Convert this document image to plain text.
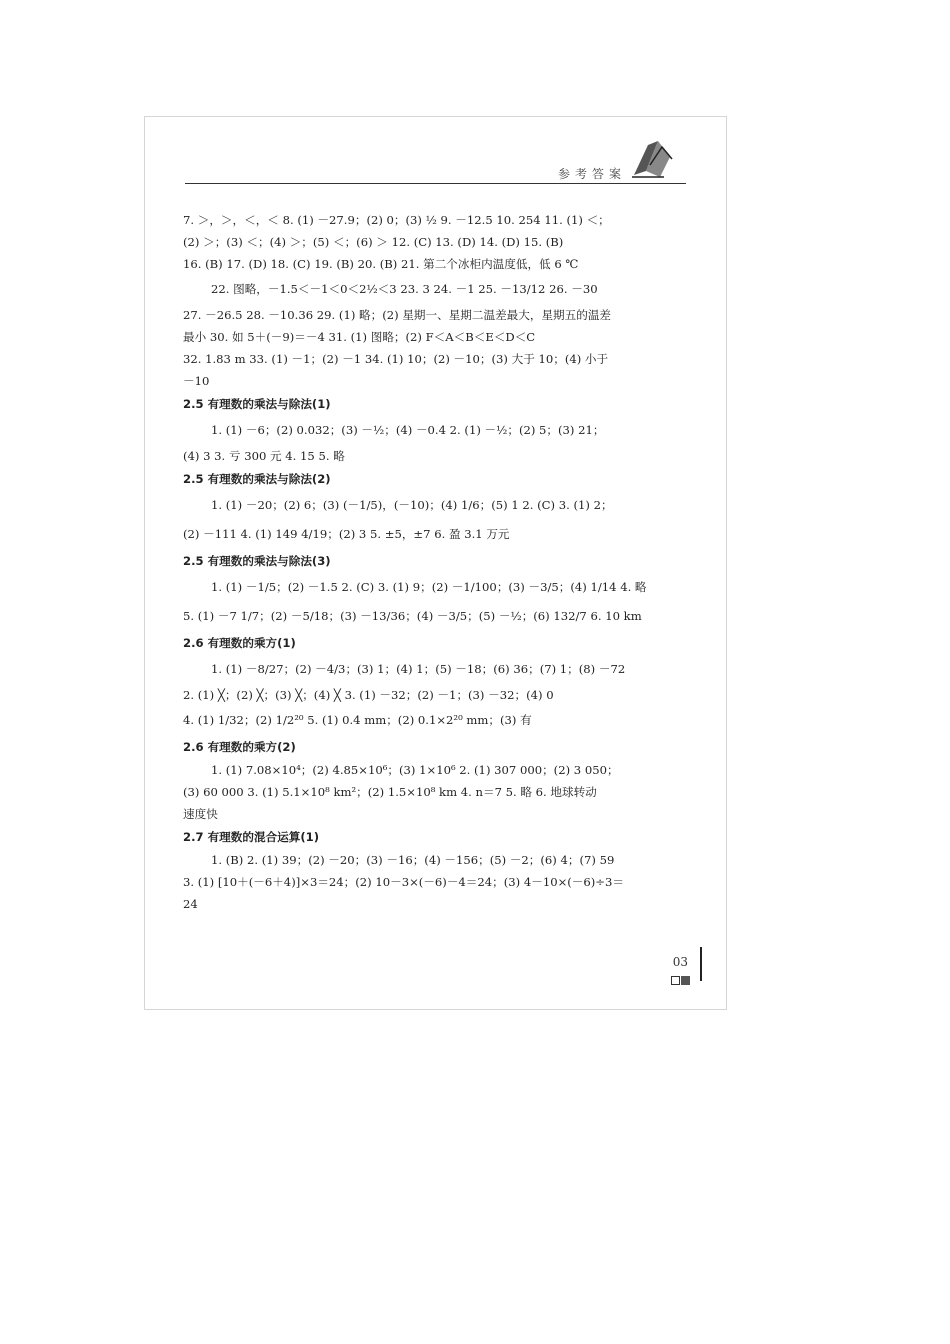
参考答案
7. ＞，＞，＜，＜ 8. (1) －27.9；(2) 0；(3) ½ 9. －12.5 10. 254 11. (1) ＜；
(2) ＞；(3) ＜；(4) ＞；(5) ＜；(6) ＞ 12. (C) 13. (D) 14. (D) 15. (B)
16. (B) 17. (D) 18. (C) 19. (B) 20. (B) 21. 第二个冰柜内温度低，低 6 ℃
22. 图略，－1.5＜－1＜0＜2½＜3 23. 3 24. －1 25. －13/12 26. －30
27. －26.5 28. －10.36 29. (1) 略；(2) 星期一、星期二温差最大，星期五的温差
最小 30. 如 5＋(－9)＝－4 31. (1) 图略；(2) F＜A＜B＜E＜D＜C
32. 1.83 m 33. (1) －1；(2) －1 34. (1) 10；(2) －10；(3) 大于 10；(4) 小于
－10
2.5 有理数的乘法与除法(1)
1. (1) －6；(2) 0.032；(3) －½；(4) －0.4 2. (1) －½；(2) 5；(3) 21；
(4) 3 3. 亏 300 元 4. 15 5. 略
2.5 有理数的乘法与除法(2)
1. (1) －20；(2) 6；(3) (－1/5)，(－10)；(4) 1/6；(5) 1 2. (C) 3. (1) 2；
(2) －111 4. (1) 149 4/19；(2) 3 5. ±5，±7 6. 盈 3.1 万元
2.5 有理数的乘法与除法(3)
1. (1) －1/5；(2) －1.5 2. (C) 3. (1) 9；(2) －1/100；(3) －3/5；(4) 1/14 4. 略
5. (1) －7 1/7；(2) －5/18；(3) －13/36；(4) －3/5；(5) －½；(6) 132/7 6. 10 km
2.6 有理数的乘方(1)
1. (1) －8/27；(2) －4/3；(3) 1；(4) 1；(5) －18；(6) 36；(7) 1；(8) －72
2. (1) ╳；(2) ╳；(3) ╳；(4) ╳ 3. (1) －32；(2) －1；(3) －32；(4) 0
4. (1) 1/32；(2) 1/2²⁰ 5. (1) 0.4 mm；(2) 0.1×2²⁰ mm；(3) 有
2.6 有理数的乘方(2)
1. (1) 7.08×10⁴；(2) 4.85×10⁶；(3) 1×10⁶ 2. (1) 307 000；(2) 3 050；
(3) 60 000 3. (1) 5.1×10⁸ km²；(2) 1.5×10⁸ km 4. n＝7 5. 略 6. 地球转动
速度快
2.7 有理数的混合运算(1)
1. (B) 2. (1) 39；(2) －20；(3) －16；(4) －156；(5) －2；(6) 4；(7) 59
3. (1) [10＋(－6＋4)]×3＝24；(2) 10－3×(－6)－4＝24；(3) 4－10×(－6)÷3＝
24
03
